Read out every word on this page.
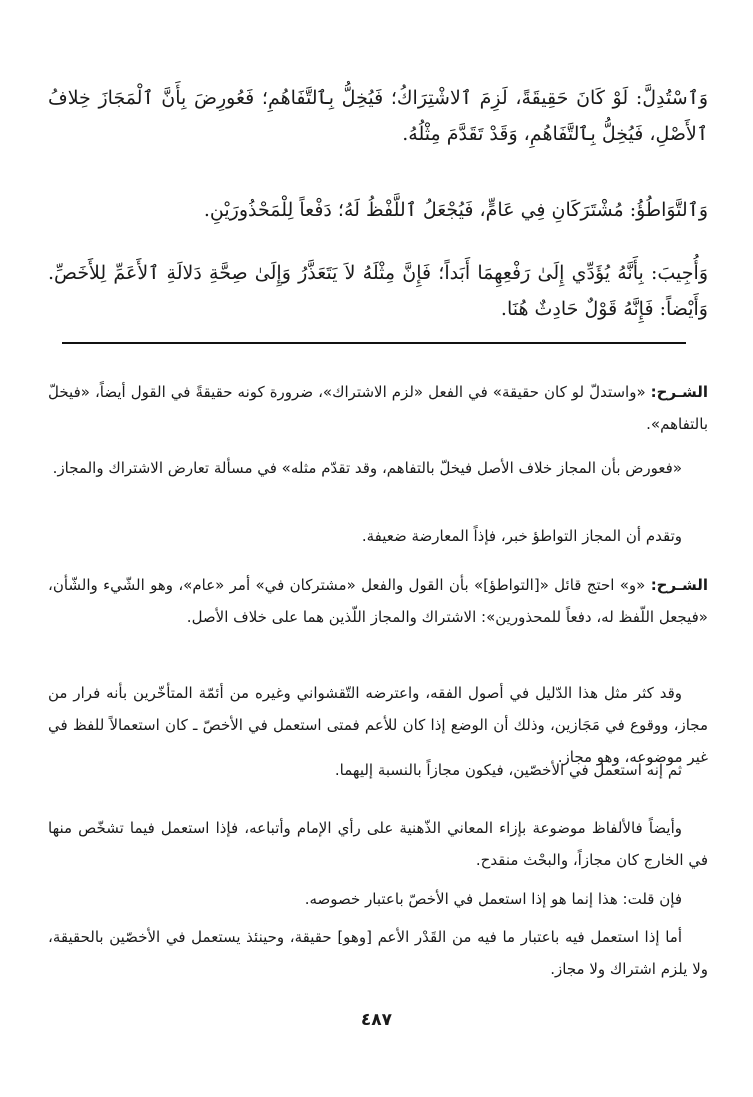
وَٱسْتُدِلَّ: لَوْ كَانَ حَقِيقَةً، لَزِمَ ٱلاشْتِرَاكُ؛ فَيُخِلُّ بِٱلتَّفَاهُمِ؛ فَعُورِضَ بِأَنَّ ٱلْمَجَازَ خِلافُ ٱلأَصْلِ، فَيُخِلُّ بِٱلتَّفَاهُمِ، وَقَدْ تَقَدَّمَ مِثْلُهُ.

وَٱلتَّوَاطُؤُ: مُشْتَرَكَانِ فِي عَامٍّ، فَيُجْعَلُ ٱللَّفْظُ لَهُ؛ دَفْعاً لِلْمَحْذُورَيْنِ.

وَأُجِيبَ: بِأَنَّهُ يُؤَدِّي إِلَىٰ رَفْعِهِمَا أَبَداً؛ فَإِنَّ مِثْلَهُ لاَ يَتَعَذَّرُ وَإِلَىٰ صِحَّةِ دَلالَةِ ٱلأَعَمِّ لِلأَخَصِّ. وَأَيْضاً: فَإِنَّهُ قَوْلٌ حَادِثٌ هُنَا.

الشـرح: «واستدلّ لو كان حقيقة» في الفعل «لزم الاشتراك»، ضرورة كونه حقيقةً في القول أيضاً، «فيخلّ بالتفاهم».

«فعورض بأن المجاز خلاف الأصل فيخلّ بالتفاهم، وقد تقدّم مثله» في مسألة تعارض الاشتراك والمجاز.

وتقدم أن المجاز التواطؤ خبر، فإذاً المعارضة ضعيفة.

الشـرح: «و» احتج قائل «[التواطؤ]» بأن القول والفعل «مشتركان في» أمر «عام»، وهو الشّيء والشّأن، «فيجعل اللّفظ له، دفعاً للمحذورين»: الاشتراك والمجاز اللّذين هما على خلاف الأصل.

وقد كثر مثل هذا الدّليل في أصول الفقه، واعترضه التّقشواني وغيره من أئمّة المتأخّرين بأنه فرار من مجاز، ووقوع في مَجَازين، وذلك أن الوضع إذا كان للأعم فمتى استعمل في الأخصّ ـ كان استعمالاً للفظ في غير موضوعه، وهو مجاز.

ثم إنه استعمل في الأخصّين، فيكون مجازاً بالنسبة إليهما.

وأيضاً فالألفاظ موضوعة بإزاء المعاني الذّهنية على رأي الإمام وأتباعه، فإذا استعمل فيما تشخّص منها في الخارج كان مجازاً، والبحْث منقدح.

فإن قلت: هذا إنما هو إذا استعمل في الأخصّ باعتبار خصوصه.

أما إذا استعمل فيه باعتبار ما فيه من القَدْر الأعم [وهو] حقيقة، وحينئذ يستعمل في الأخصّين بالحقيقة، ولا يلزم اشتراك ولا مجاز.

٤٨٧
